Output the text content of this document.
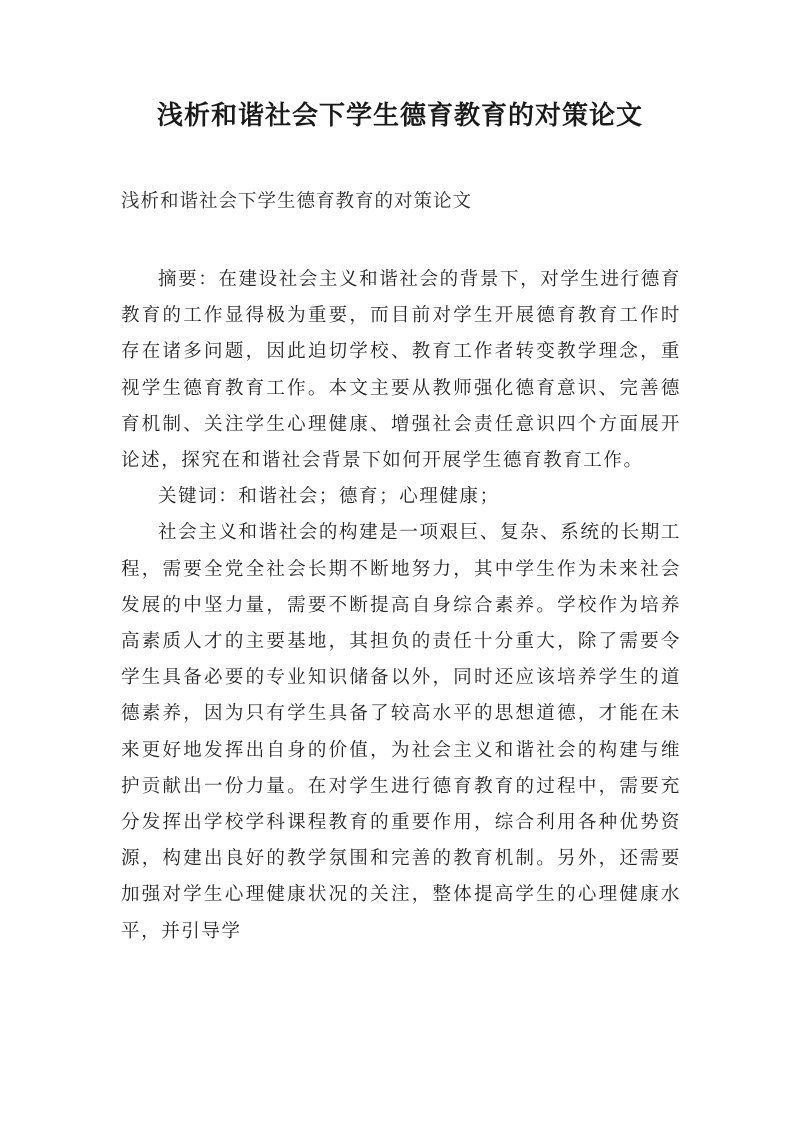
浅析和谐社会下学生德育教育的对策论文

浅析和谐社会下学生德育教育的对策论文

摘要：在建设社会主义和谐社会的背景下，对学生进行德育教育的工作显得极为重要，而目前对学生开展德育教育工作时存在诸多问题，因此迫切学校、教育工作者转变教学理念，重视学生德育教育工作。本文主要从教师强化德育意识、完善德育机制、关注学生心理健康、增强社会责任意识四个方面展开论述，探究在和谐社会背景下如何开展学生德育教育工作。

关键词：和谐社会；德育；心理健康；

社会主义和谐社会的构建是一项艰巨、复杂、系统的长期工程，需要全党全社会长期不断地努力，其中学生作为未来社会发展的中坚力量，需要不断提高自身综合素养。学校作为培养高素质人才的主要基地，其担负的责任十分重大，除了需要令学生具备必要的专业知识储备以外，同时还应该培养学生的道德素养，因为只有学生具备了较高水平的思想道德，才能在未来更好地发挥出自身的价值，为社会主义和谐社会的构建与维护贡献出一份力量。在对学生进行德育教育的过程中，需要充分发挥出学校学科课程教育的重要作用，综合利用各种优势资源，构建出良好的教学氛围和完善的教育机制。另外，还需要加强对学生心理健康状况的关注，整体提高学生的心理健康水平，并引导学
